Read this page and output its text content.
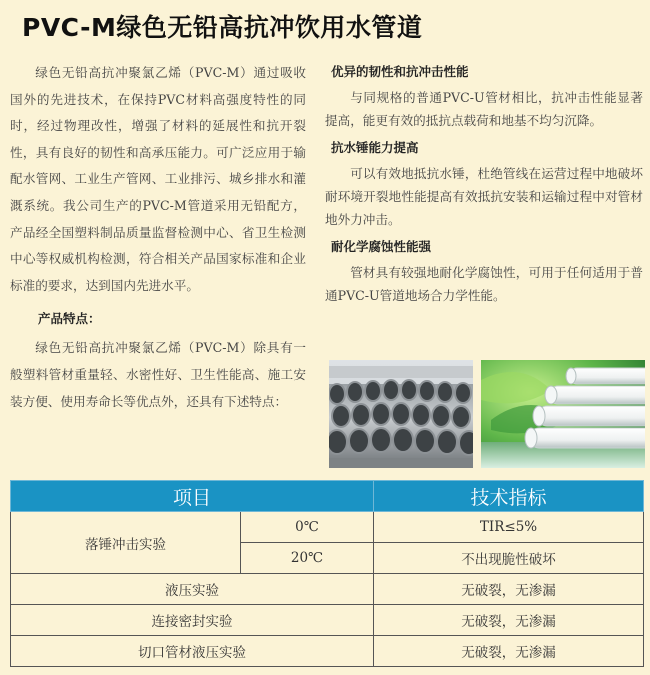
PVC-M绿色无铅高抗冲饮用水管道

绿色无铅高抗冲聚氯乙烯（PVC-M）通过吸收国外的先进技术，在保持PVC材料高强度特性的同时，经过物理改性，增强了材料的延展性和抗开裂性，具有良好的韧性和高承压能力。可广泛应用于输配水管网、工业生产管网、工业排污、城乡排水和灌溉系统。我公司生产的PVC-M管道采用无铅配方，产品经全国塑料制品质量监督检测中心、省卫生检测中心等权威机构检测，符合相关产品国家标准和企业标准的要求，达到国内先进水平。

产品特点：

绿色无铅高抗冲聚氯乙烯（PVC-M）除具有一般塑料管材重量轻、水密性好、卫生性能高、施工安装方便、使用寿命长等优点外，还具有下述特点：

优异的韧性和抗冲击性能

与同规格的普通PVC-U管材相比，抗冲击性能显著提高，能更有效的抵抗点载荷和地基不均匀沉降。

抗水锤能力提高

可以有效地抵抗水锤，杜绝管线在运营过程中地破坏耐环境开裂地性能提高有效抵抗安装和运输过程中对管材地外力冲击。

耐化学腐蚀性能强

管材具有较强地耐化学腐蚀性，可用于任何适用于普通PVC-U管道地场合力学性能。

项目		技术指标
落锤冲击实验	0℃	TIR≤5%
	20℃	不出现脆性破坏
液压实验		无破裂，无渗漏
连接密封实验		无破裂，无渗漏
切口管材液压实验		无破裂，无渗漏
